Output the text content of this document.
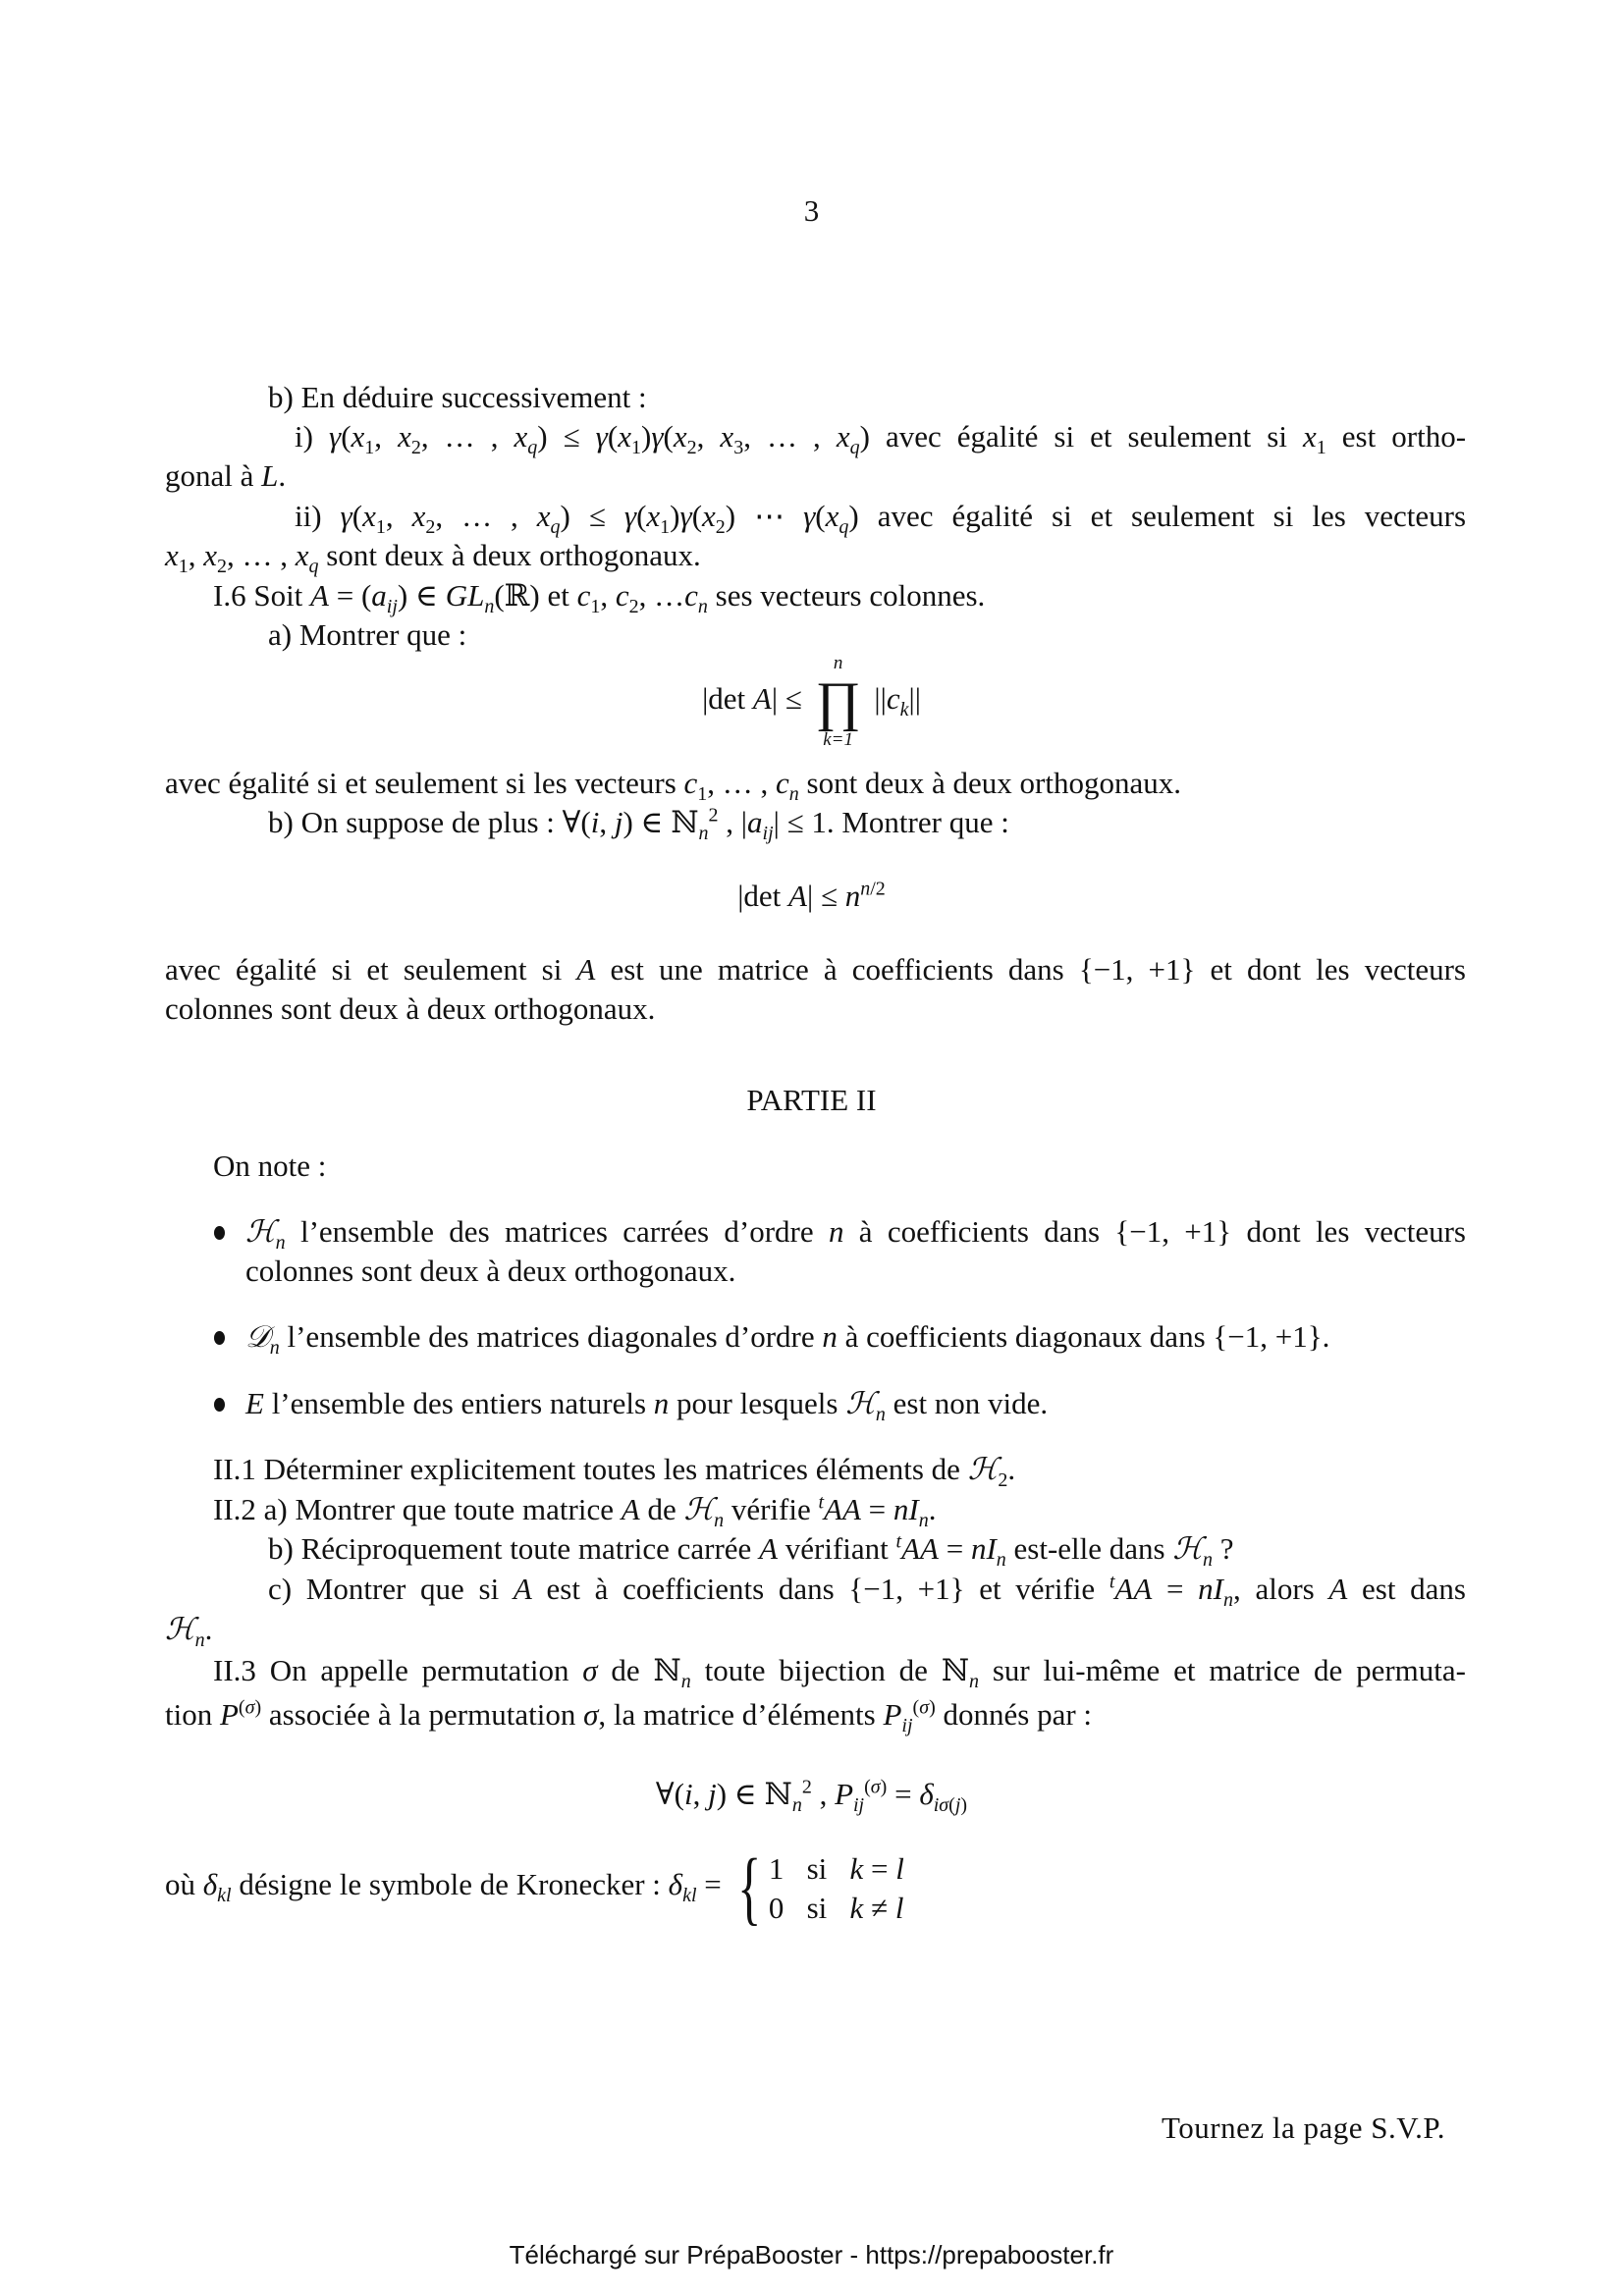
3
b) En déduire successivement :
i) $\gamma(x_1$, $x_2$, … , $x_q) \le \gamma(x_1)\gamma(x_2$, $x_3$, … , $x_q$) avec égalité si et seulement si $x_1$ est ortho-
gonal à L.
ii) $\gamma(x_1$, $x_2$, … , $x_q) \le \gamma(x_1)\gamma(x_2)$ ⋯ $\gamma(x_q)$ avec égalité si et seulement si les vecteurs
$x_1$, $x_2$, … , $x_q$ sont deux à deux orthogonaux.
I.6 Soit $A = (a_{ij})$ ∈ $GL_n(ℝ)$ et $c_1$, $c_2$, $\dots c_n$ ses vecteurs colonnes.
a) Montrer que :
|det A| ≤
n
∏
k=1
$||c_k||$
avec égalité si et seulement si les vecteurs $c_1$, … , $c_n$ sont deux à deux orthogonaux.
b) On suppose de plus : ∀(i, j) ∈ ℕ$_n^2$ , $|a_{ij}| \le 1$. Montrer que :
|det $A| \le n^{n/2}$
avec égalité si et seulement si A est une matrice à coefficients dans {−1, +1} et dont les vecteurs
colonnes sont deux à deux orthogonaux.
PARTIE II
On note :
ℋ$_n$ l’ensemble des matrices carrées d’ordre n à coefficients dans {−1, +1} dont les vecteurs
colonnes sont deux à deux orthogonaux.
𝒟$_n$ l’ensemble des matrices diagonales d’ordre n à coefficients diagonaux dans {−1, +1}.
E l’ensemble des entiers naturels n pour lesquels ℋ$_n$ est non vide.
II.1 Déterminer explicitement toutes les matrices éléments de ℋ$_2$.
II.2 a) Montrer que toute matrice A de ℋ$_n$ vérifie $^tAA = nI_n$.
b) Réciproquement toute matrice carrée A vérifiant $^tAA = nI_n$ est-elle dans ℋ$_n$ ?
c) Montrer que si A est à coefficients dans {−1, +1} et vérifie $^tAA = nI_n$, alors A est dans
ℋ$_n$.
II.3 On appelle permutation σ de ℕ$_n$ toute bijection de ℕ$_n$ sur lui-même et matrice de permuta-
tion $P^{(\sigma)}$ associée à la permutation σ, la matrice d’éléments $P_{ij}^{(\sigma)}$ donnés par :
∀(i, j) ∈ ℕ$_n^2$ , $P_{ij}^{(\sigma)} = \delta_{i\sigma(j)}$
où $\delta_{kl}$ désigne le symbole de Kronecker : $\delta_{kl}$ = { 1   si   k = l
0   si   k ≠ l
Tournez la page S.V.P.
Téléchargé sur PrépaBooster - https://prepabooster.fr
